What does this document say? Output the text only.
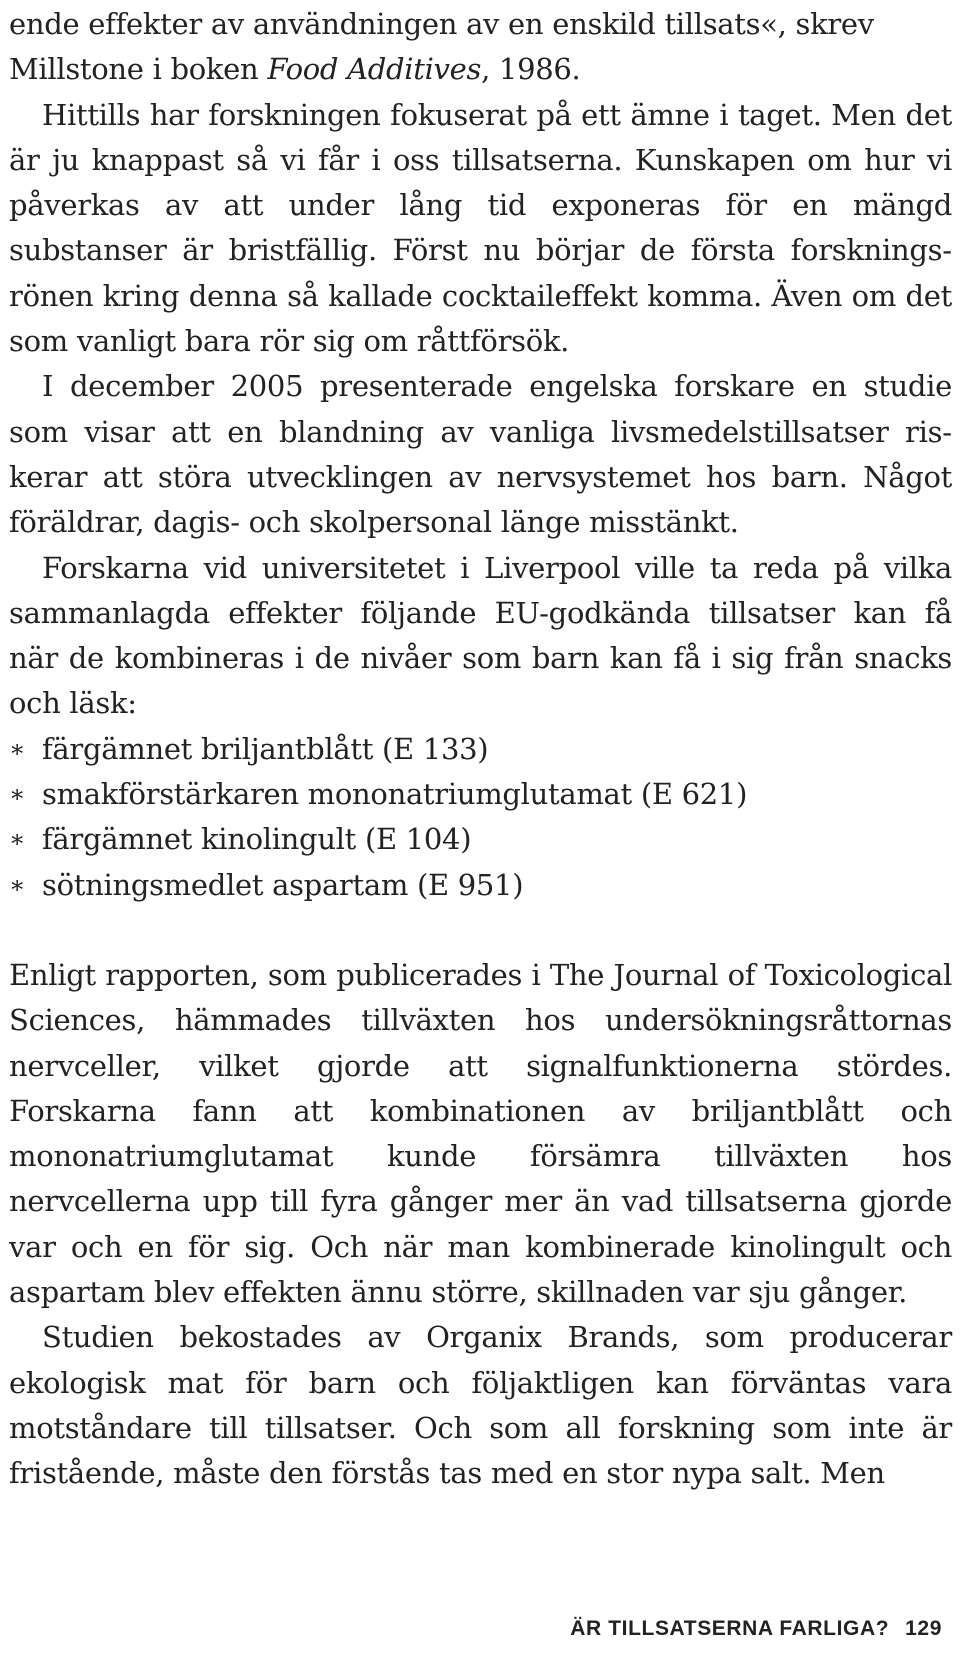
ende effekter av användningen av en enskild tillsats«, skrev
Millstone i boken Food Additives, 1986.

Hittills har forskningen fokuserat på ett ämne i taget. Men det är ju knappast så vi får i oss tillsatserna. Kunskapen om hur vi påverkas av att under lång tid exponeras för en mängd substanser är bristfällig. Först nu börjar de första forskningsrönen kring denna så kallade cocktaileffekt komma. Även om det som vanligt bara rör sig om råttförsök.

I december 2005 presenterade engelska forskare en studie som visar att en blandning av vanliga livsmedelstillsatser riskerar att störa utvecklingen av nervsystemet hos barn. Något föräldrar, dagis- och skolpersonal länge misstänkt.

Forskarna vid universitetet i Liverpool ville ta reda på vilka sammanlagda effekter följande EU-godkända tillsatser kan få när de kombineras i de nivåer som barn kan få i sig från snacks och läsk:

∗ färgämnet briljantblått (E 133)
∗ smakförstärkaren mononatriumglutamat (E 621)
∗ färgämnet kinolingult (E 104)
∗ sötningsmedlet aspartam (E 951)

Enligt rapporten, som publicerades i The Journal of Toxicological Sciences, hämmades tillväxten hos undersökningsråttornas nervceller, vilket gjorde att signalfunktionerna stördes. Forskarna fann att kombinationen av briljantblått och mononatriumglutamat kunde försämra tillväxten hos nervcellerna upp till fyra gånger mer än vad tillsatserna gjorde var och en för sig. Och när man kombinerade kinolingult och aspartam blev effekten ännu större, skillnaden var sju gånger.

Studien bekostades av Organix Brands, som producerar ekologisk mat för barn och följaktligen kan förväntas vara motståndare till tillsatser. Och som all forskning som inte är fristående, måste den förstås tas med en stor nypa salt. Men

ÄR TILLSATSERNA FARLIGA? 129
